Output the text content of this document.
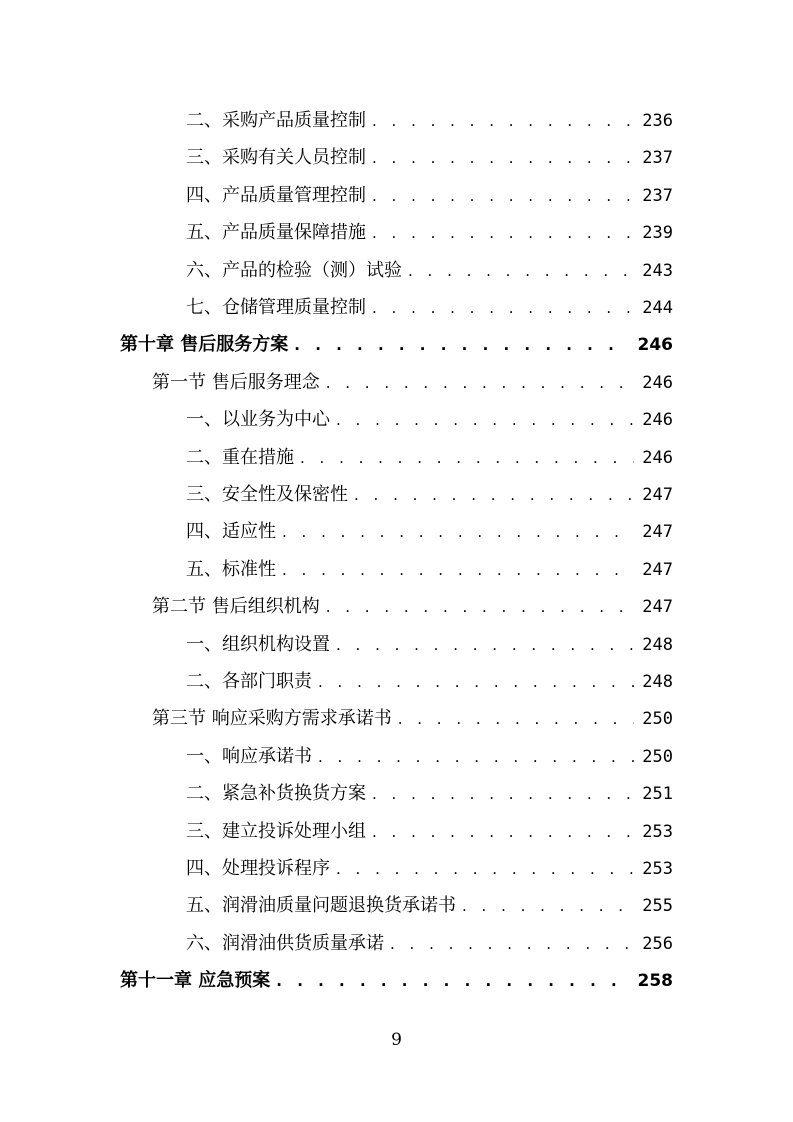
二、采购产品质量控制 . . .	236
三、采购有关人员控制 . . .	237
四、产品质量管理控制 . . .	237
五、产品质量保障措施 . . .	239
六、产品的检验（测）试验 . . .	243
七、仓储管理质量控制 . . .	244
第十章 售后服务方案 . . .	246
第一节 售后服务理念 . . .	246
一、以业务为中心 . . .	246
二、重在措施 . . .	246
三、安全性及保密性 . . .	247
四、适应性 . . .	247
五、标准性 . . .	247
第二节 售后组织机构 . . .	247
一、组织机构设置 . . .	248
二、各部门职责 . . .	248
第三节 响应采购方需求承诺书 . . .	250
一、响应承诺书 . . .	250
二、紧急补货换货方案 . . .	251
三、建立投诉处理小组 . . .	253
四、处理投诉程序 . . .	253
五、润滑油质量问题退换货承诺书 . . .	255
六、润滑油供货质量承诺 . . .	256
第十一章 应急预案 . . .	258
9
